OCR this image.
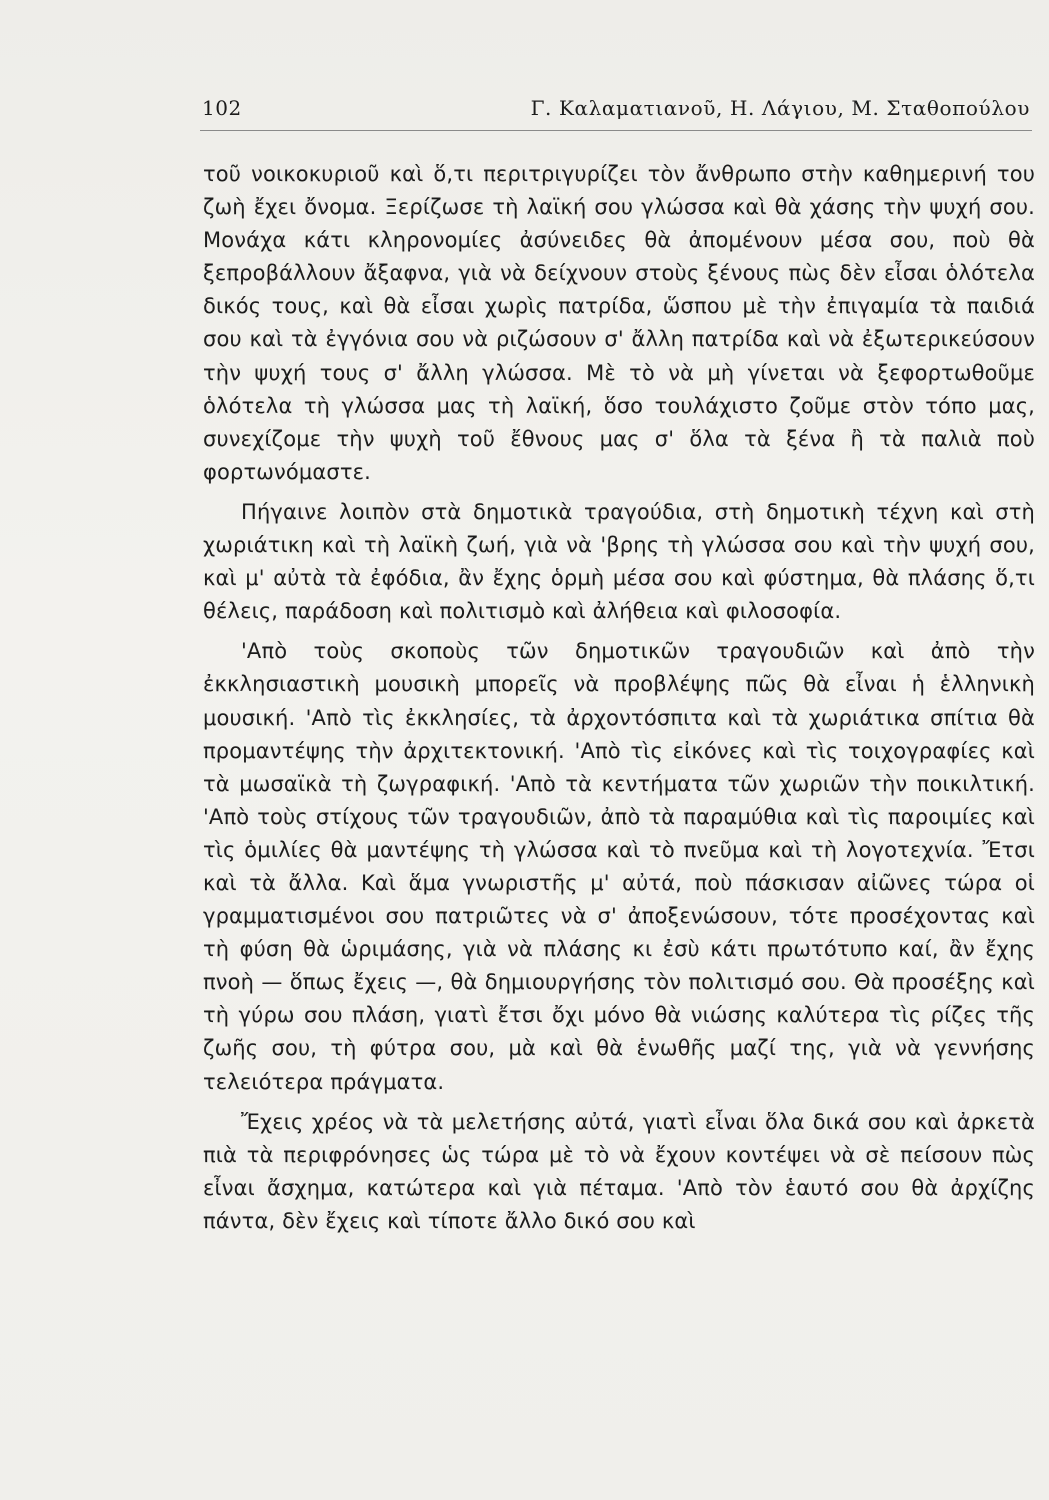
102	Γ. Καλαματιανοῦ, Η. Λάγιου, Μ. Σταθοπούλου

τοῦ νοικοκυριοῦ καὶ ὅ,τι περιτριγυρίζει τὸν ἄνθρωπο στὴν καθημερινή του ζωὴ ἔχει ὄνομα. Ξερίζωσε τὴ λαϊκή σου γλώσσα καὶ θὰ χάσης τὴν ψυχή σου. Μονάχα κάτι κληρονομίες ἀσύνειδες θὰ ἀπομένουν μέσα σου, ποὺ θὰ ξεπροβάλλουν ἄξαφνα, γιὰ νὰ δείχνουν στοὺς ξένους πὼς δὲν εἶσαι ὁλότελα δικός τους, καὶ θὰ εἶσαι χωρὶς πατρίδα, ὥσπου μὲ τὴν ἐπιγαμία τὰ παιδιά σου καὶ τὰ ἐγγόνια σου νὰ ριζώσουν σ' ἄλλη πατρίδα καὶ νὰ ἐξωτερικεύσουν τὴν ψυχή τους σ' ἄλλη γλώσσα. Μὲ τὸ νὰ μὴ γίνεται νὰ ξεφορτωθοῦμε ὁλότελα τὴ γλώσσα μας τὴ λαϊκή, ὅσο τουλάχιστο ζοῦμε στὸν τόπο μας, συνεχίζομε τὴν ψυχὴ τοῦ ἔθνους μας σ' ὅλα τὰ ξένα ἢ τὰ παλιὰ ποὺ φορτωνόμαστε.

Πήγαινε λοιπὸν στὰ δημοτικὰ τραγούδια, στὴ δημοτικὴ τέχνη καὶ στὴ χωριάτικη καὶ τὴ λαϊκὴ ζωή, γιὰ νὰ 'βρης τὴ γλώσσα σου καὶ τὴν ψυχή σου, καὶ μ' αὐτὰ τὰ ἐφόδια, ἂν ἔχης ὁρμὴ μέσα σου καὶ φύστημα, θὰ πλάσης ὅ,τι θέλεις, παράδοση καὶ πολιτισμὸ καὶ ἀλήθεια καὶ φιλοσοφία.

'Απὸ τοὺς σκοποὺς τῶν δημοτικῶν τραγουδιῶν καὶ ἀπὸ τὴν ἐκκλησιαστικὴ μουσικὴ μπορεῖς νὰ προβλέψης πῶς θὰ εἶναι ἡ ἑλληνικὴ μουσική. 'Απὸ τὶς ἐκκλησίες, τὰ ἀρχοντόσπιτα καὶ τὰ χωριάτικα σπίτια θὰ προμαντέψης τὴν ἀρχιτεκτονική. 'Απὸ τὶς εἰκόνες καὶ τὶς τοιχογραφίες καὶ τὰ μωσαϊκὰ τὴ ζωγραφική. 'Απὸ τὰ κεντήματα τῶν χωριῶν τὴν ποικιλτική. 'Απὸ τοὺς στίχους τῶν τραγουδιῶν, ἀπὸ τὰ παραμύθια καὶ τὶς παροιμίες καὶ τὶς ὁμιλίες θὰ μαντέψης τὴ γλώσσα καὶ τὸ πνεῦμα καὶ τὴ λογοτεχνία. Ἔτσι καὶ τὰ ἄλλα. Καὶ ἅμα γνωριστῆς μ' αὐτά, ποὺ πάσκισαν αἰῶνες τώρα οἱ γραμματισμένοι σου πατριῶτες νὰ σ' ἀποξενώσουν, τότε προσέχοντας καὶ τὴ φύση θὰ ὡριμάσης, γιὰ νὰ πλάσης κι ἐσὺ κάτι πρωτότυπο καί, ἂν ἔχης πνοὴ — ὅπως ἔχεις —, θὰ δημιουργήσης τὸν πολιτισμό σου. Θὰ προσέξης καὶ τὴ γύρω σου πλάση, γιατὶ ἔτσι ὄχι μόνο θὰ νιώσης καλύτερα τὶς ρίζες τῆς ζωῆς σου, τὴ φύτρα σου, μὰ καὶ θὰ ἑνωθῆς μαζί της, γιὰ νὰ γεννήσης τελειότερα πράγματα.

Ἔχεις χρέος νὰ τὰ μελετήσης αὐτά, γιατὶ εἶναι ὅλα δικά σου καὶ ἀρκετὰ πιὰ τὰ περιφρόνησες ὡς τώρα μὲ τὸ νὰ ἔχουν κοντέψει νὰ σὲ πείσουν πὼς εἶναι ἄσχημα, κατώτερα καὶ γιὰ πέταμα. 'Απὸ τὸν ἑαυτό σου θὰ ἀρχίζης πάντα, δὲν ἔχεις καὶ τίποτε ἄλλο δικό σου καὶ
